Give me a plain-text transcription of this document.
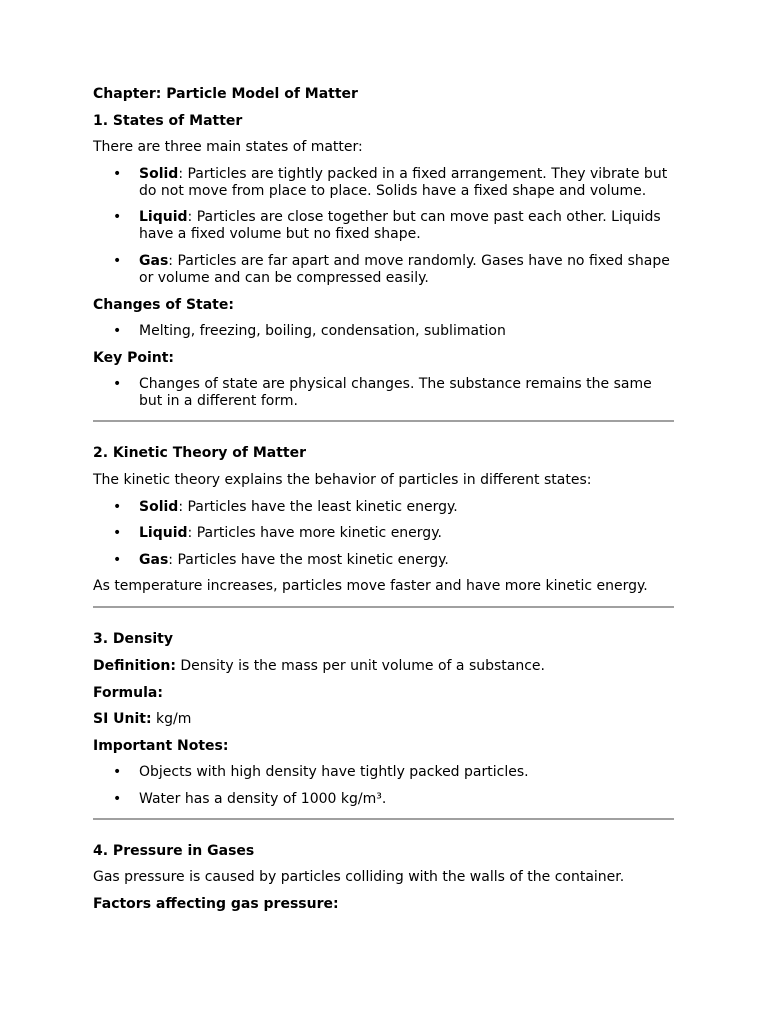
Chapter: Particle Model of Matter

1. States of Matter

There are three main states of matter:

• Solid: Particles are tightly packed in a fixed arrangement. They vibrate but do not move from place to place. Solids have a fixed shape and volume.
• Liquid: Particles are close together but can move past each other. Liquids have a fixed volume but no fixed shape.
• Gas: Particles are far apart and move randomly. Gases have no fixed shape or volume and can be compressed easily.

Changes of State:

• Melting, freezing, boiling, condensation, sublimation

Key Point:

• Changes of state are physical changes. The substance remains the same but in a different form.

2. Kinetic Theory of Matter

The kinetic theory explains the behavior of particles in different states:

• Solid: Particles have the least kinetic energy.
• Liquid: Particles have more kinetic energy.
• Gas: Particles have the most kinetic energy.

As temperature increases, particles move faster and have more kinetic energy.

3. Density

Definition: Density is the mass per unit volume of a substance.

Formula:

SI Unit: kg/m

Important Notes:

• Objects with high density have tightly packed particles.
• Water has a density of 1000 kg/m³.

4. Pressure in Gases

Gas pressure is caused by particles colliding with the walls of the container.

Factors affecting gas pressure:
